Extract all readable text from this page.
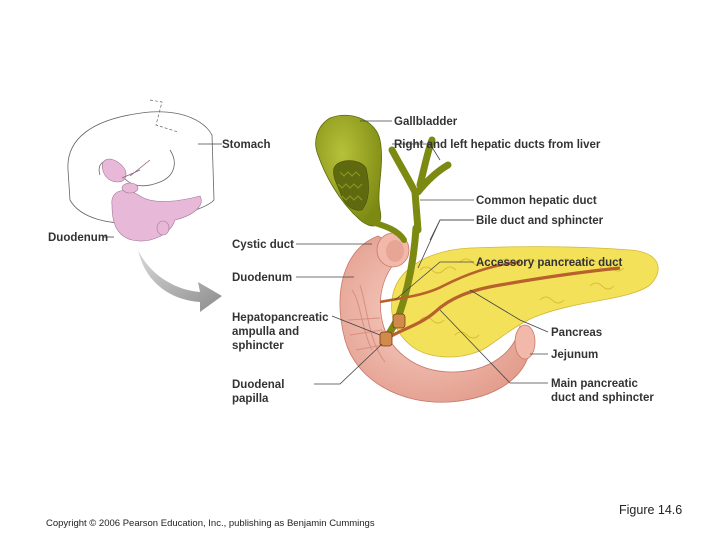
Gallbladder
Stomach	Right and left hepatic ducts from liver
Common hepatic duct
Bile duct and sphincter
Duodenum
Cystic duct
Duodenum
Accessory pancreatic duct
Hepatopancreatic
ampulla and
sphincter
Pancreas
Jejunum
Duodenal
papilla
Main pancreatic
duct and sphincter
Copyright © 2006 Pearson Education, Inc., publishing as Benjamin Cummings
Figure 14.6
